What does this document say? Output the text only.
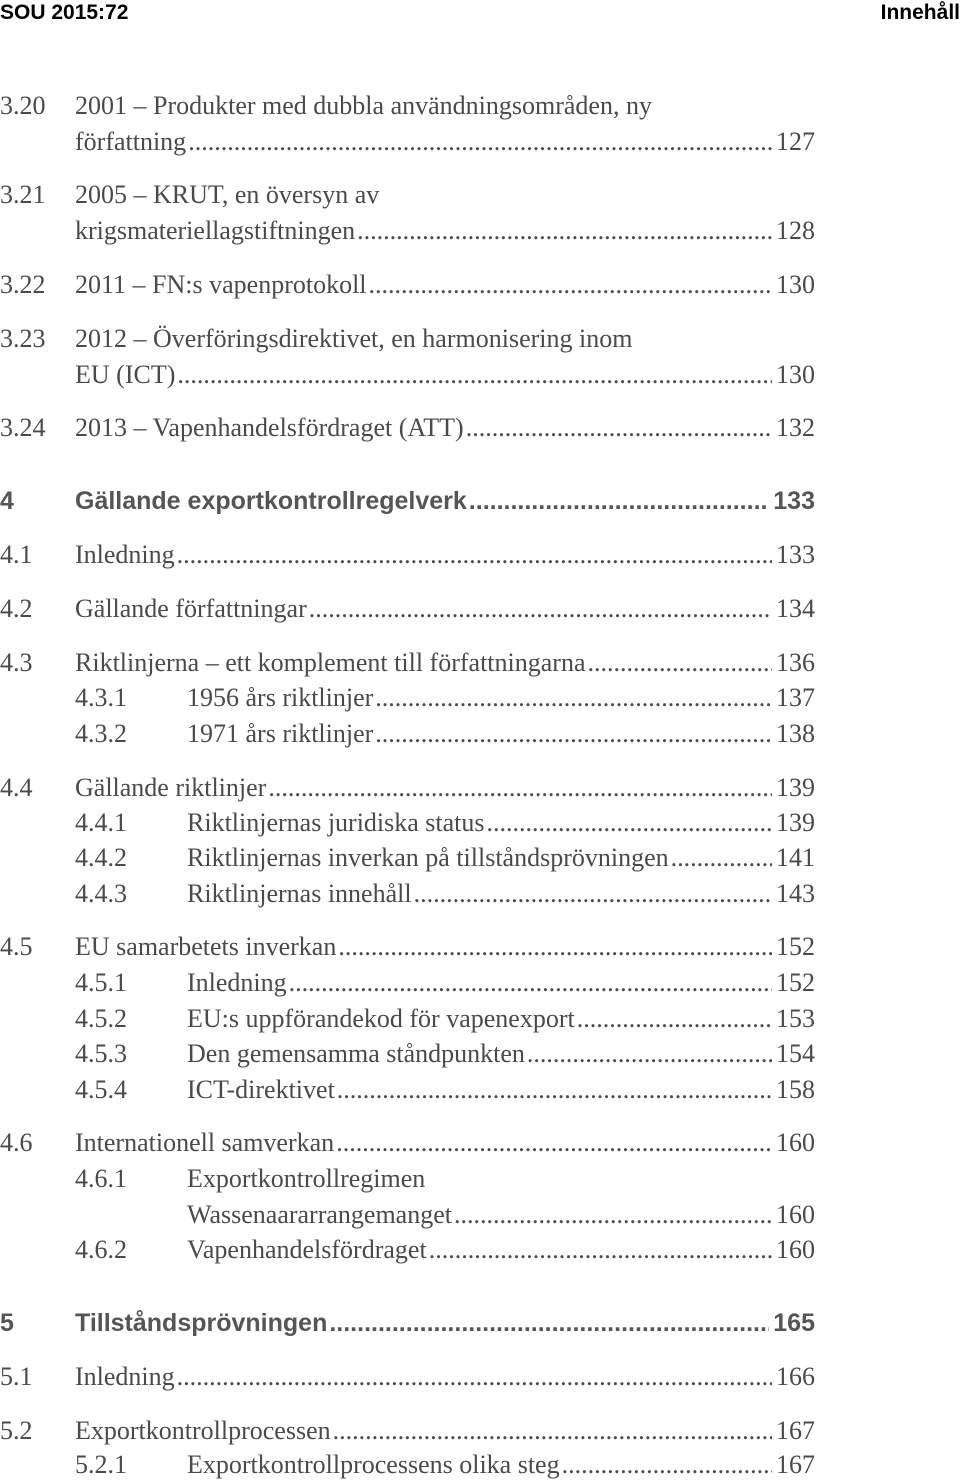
SOU 2015:72	Innehåll
3.20 2001 – Produkter med dubbla användningsområden, ny
författning .....	127
3.21 2005 – KRUT, en översyn av
krigsmateriellagstiftningen .....	128
3.22 2011 – FN:s vapenprotokoll .....	130
3.23 2012 – Överföringsdirektivet, en harmonisering inom
EU (ICT) .....	130
3.24 2013 – Vapenhandelsfördraget (ATT) .....	132
4 Gällande exportkontrollregelverk .....	133
4.1 Inledning .....	133
4.2 Gällande författningar .....	134
4.3 Riktlinjerna – ett komplement till författningarna .....	136
4.3.1 1956 års riktlinjer .....	137
4.3.2 1971 års riktlinjer .....	138
4.4 Gällande riktlinjer .....	139
4.4.1 Riktlinjernas juridiska status .....	139
4.4.2 Riktlinjernas inverkan på tillståndsprövningen .....	141
4.4.3 Riktlinjernas innehåll .....	143
4.5 EU samarbetets inverkan .....	152
4.5.1 Inledning .....	152
4.5.2 EU:s uppförandekod för vapenexport .....	153
4.5.3 Den gemensamma ståndpunkten .....	154
4.5.4 ICT-direktivet .....	158
4.6 Internationell samverkan .....	160
4.6.1 Exportkontrollregimen
Wassenaararrangemanget .....	160
4.6.2 Vapenhandelsfördraget .....	160
5 Tillståndsprövningen .....	165
5.1 Inledning .....	166
5.2 Exportkontrollprocessen .....	167
5.2.1 Exportkontrollprocessens olika steg .....	167
